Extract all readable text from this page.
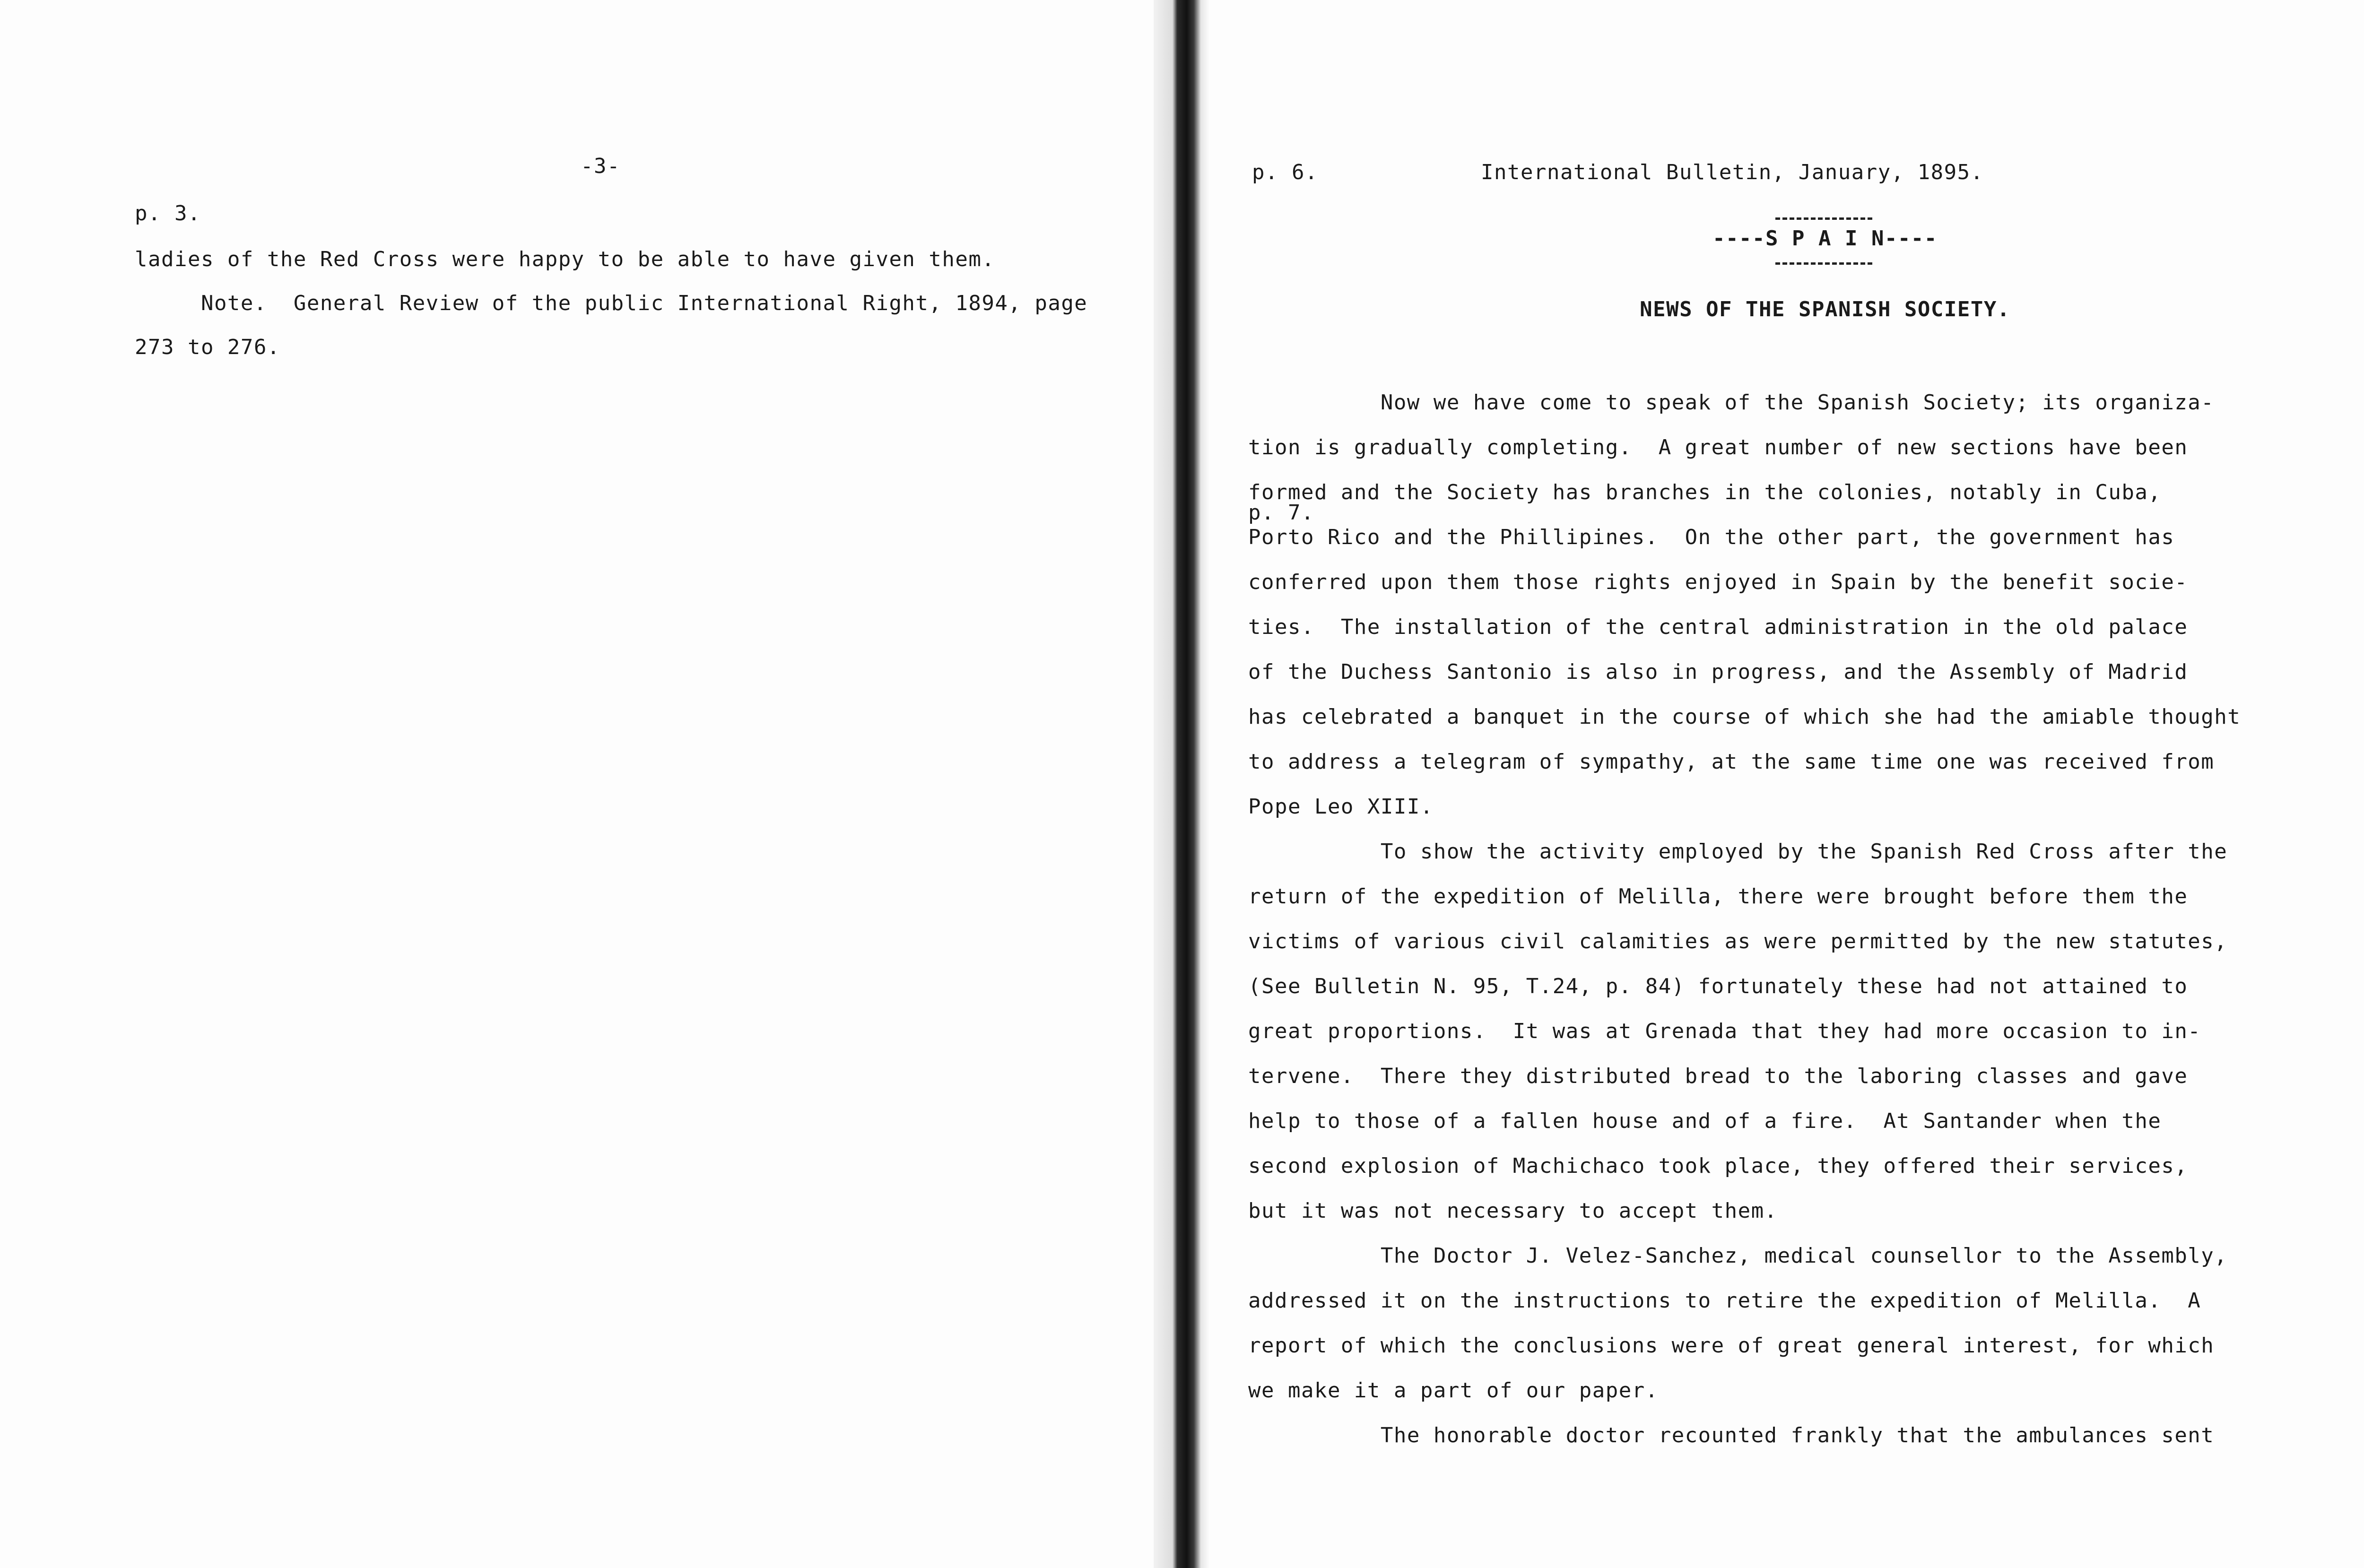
-3-
p. 3.
ladies of the Red Cross were happy to be able to have given them.
Note.  General Review of the public International Right, 1894, page
273 to 276.
p. 6.	International Bulletin, January, 1895.
----S P A I N----
NEWS OF THE SPANISH SOCIETY.
Now we have come to speak of the Spanish Society; its organiza-
tion is gradually completing.  A great number of new sections have been
formed and the Society has branches in the colonies, notably in Cuba,
p. 7.
Porto Rico and the Phillipines.  On the other part, the government has
conferred upon them those rights enjoyed in Spain by the benefit socie-
ties.  The installation of the central administration in the old palace
of the Duchess Santonio is also in progress, and the Assembly of Madrid
has celebrated a banquet in the course of which she had the amiable thought
to address a telegram of sympathy, at the same time one was received from
Pope Leo XIII.
To show the activity employed by the Spanish Red Cross after the
return of the expedition of Melilla, there were brought before them the
victims of various civil calamities as were permitted by the new statutes,
(See Bulletin N. 95, T.24, p. 84) fortunately these had not attained to
great proportions.  It was at Grenada that they had more occasion to in-
tervene.  There they distributed bread to the laboring classes and gave
help to those of a fallen house and of a fire.  At Santander when the
second explosion of Machichaco took place, they offered their services,
but it was not necessary to accept them.
The Doctor J. Velez-Sanchez, medical counsellor to the Assembly,
addressed it on the instructions to retire the expedition of Melilla.  A
report of which the conclusions were of great general interest, for which
we make it a part of our paper.
The honorable doctor recounted frankly that the ambulances sent
